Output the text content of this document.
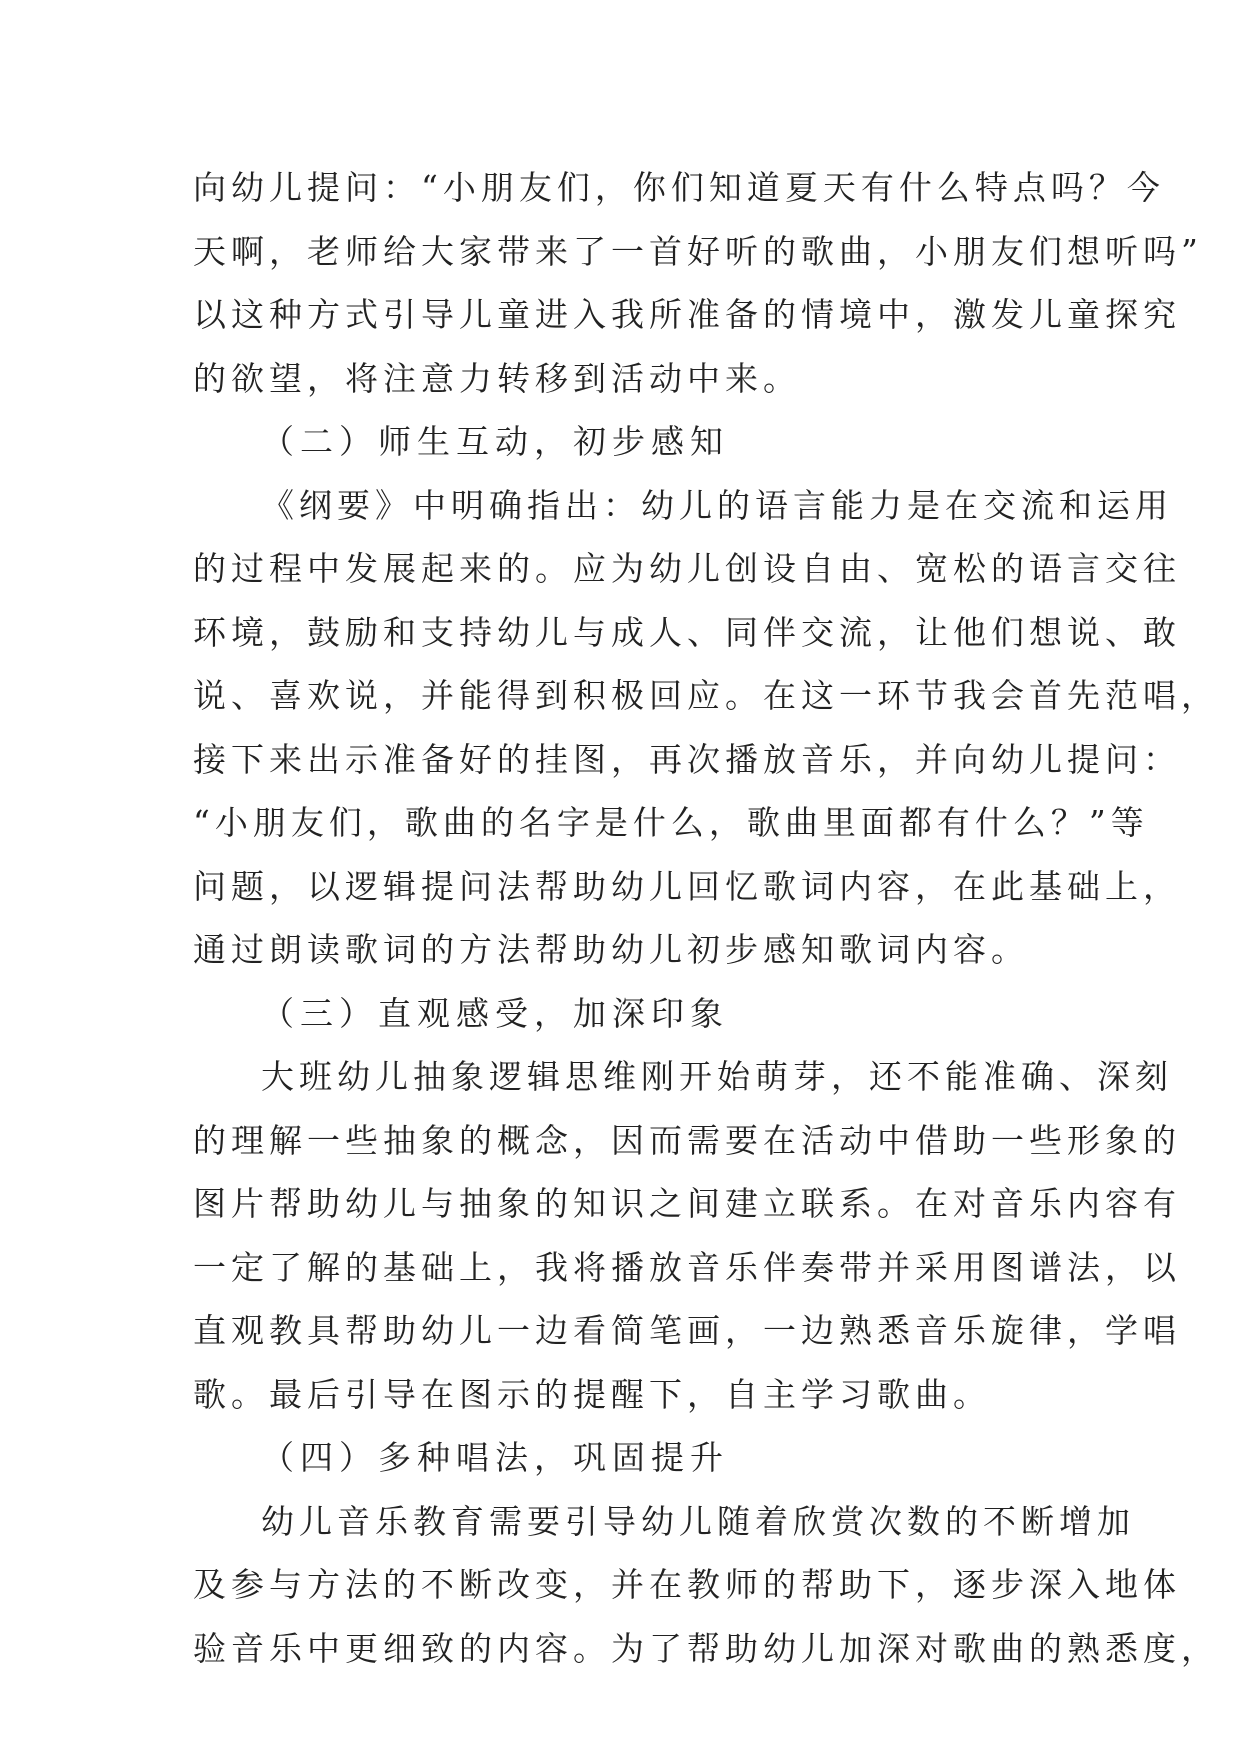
向幼儿提问：“小朋友们，你们知道夏天有什么特点吗？今
天啊，老师给大家带来了一首好听的歌曲，小朋友们想听吗”
以这种方式引导儿童进入我所准备的情境中，激发儿童探究
的欲望，将注意力转移到活动中来。
（二）师生互动，初步感知
《纲要》中明确指出：幼儿的语言能力是在交流和运用
的过程中发展起来的。应为幼儿创设自由、宽松的语言交往
环境，鼓励和支持幼儿与成人、同伴交流，让他们想说、敢
说、喜欢说，并能得到积极回应。在这一环节我会首先范唱，
接下来出示准备好的挂图，再次播放音乐，并向幼儿提问：
“小朋友们，歌曲的名字是什么，歌曲里面都有什么？”等
问题，以逻辑提问法帮助幼儿回忆歌词内容，在此基础上，
通过朗读歌词的方法帮助幼儿初步感知歌词内容。
（三）直观感受，加深印象
大班幼儿抽象逻辑思维刚开始萌芽，还不能准确、深刻
的理解一些抽象的概念，因而需要在活动中借助一些形象的
图片帮助幼儿与抽象的知识之间建立联系。在对音乐内容有
一定了解的基础上，我将播放音乐伴奏带并采用图谱法，以
直观教具帮助幼儿一边看简笔画，一边熟悉音乐旋律，学唱
歌。最后引导在图示的提醒下，自主学习歌曲。
（四）多种唱法，巩固提升
幼儿音乐教育需要引导幼儿随着欣赏次数的不断增加
及参与方法的不断改变，并在教师的帮助下，逐步深入地体
验音乐中更细致的内容。为了帮助幼儿加深对歌曲的熟悉度，
